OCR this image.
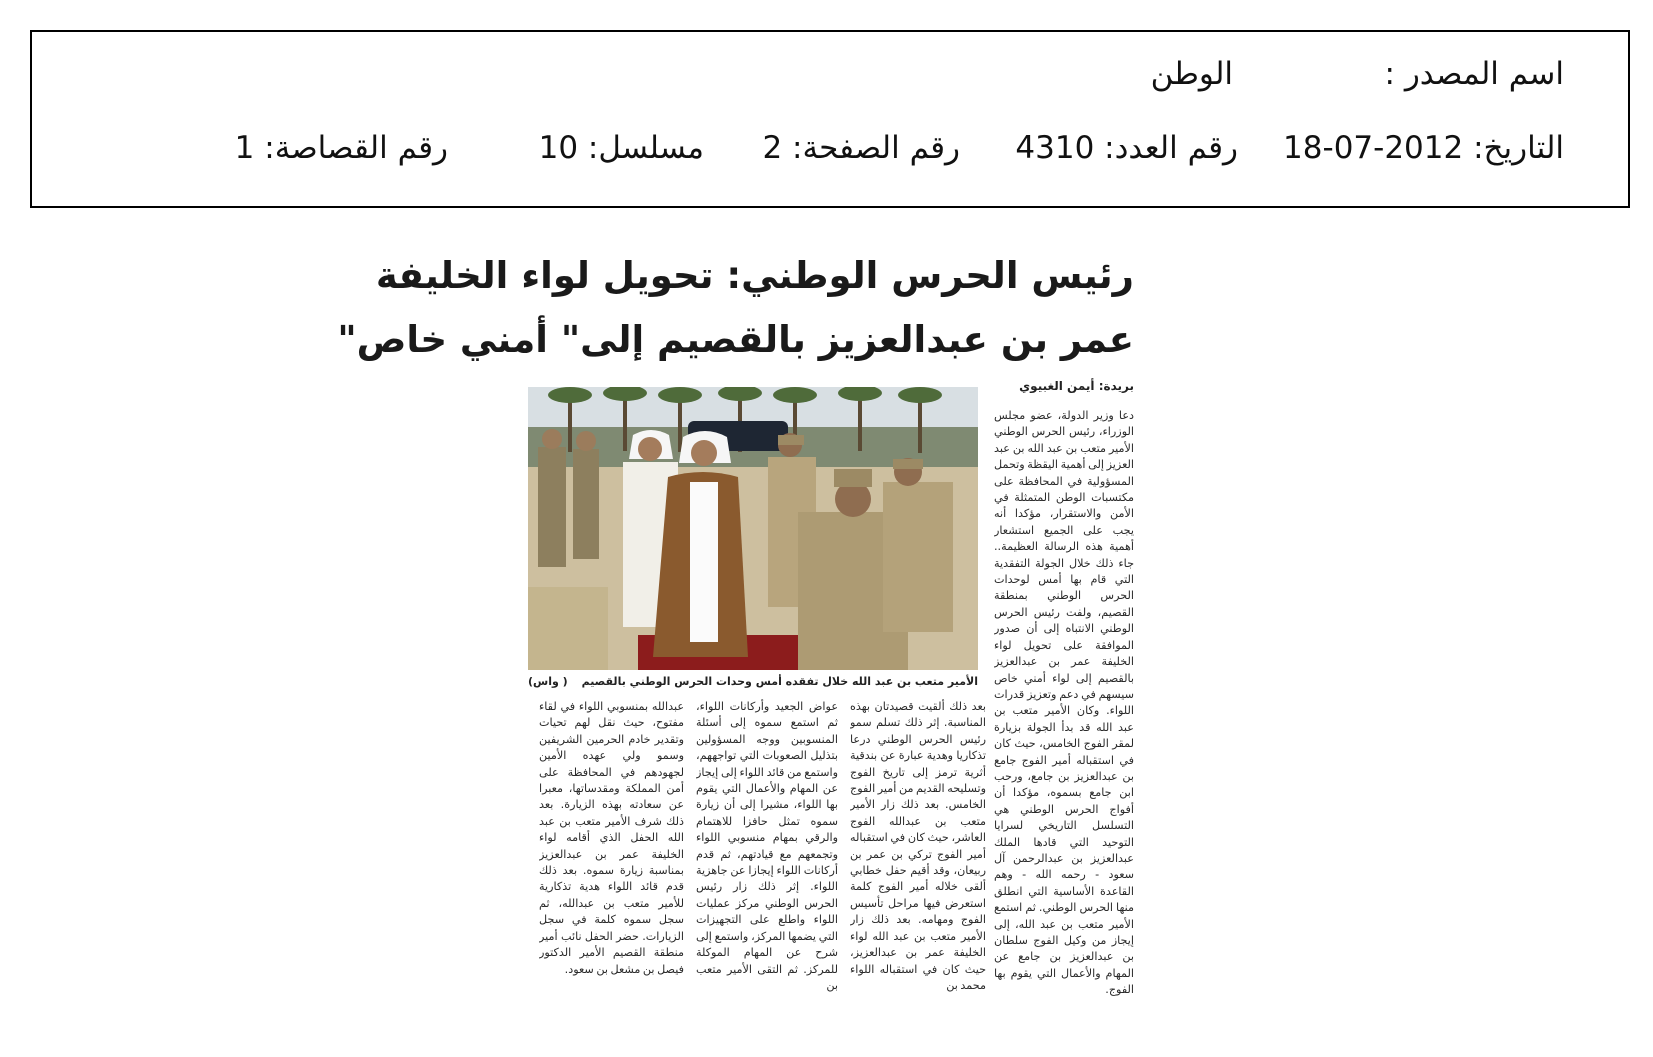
اسم المصدر :
الوطن
التاريخ: 2012-07-18
رقم العدد: 4310
رقم الصفحة: 2
مسلسل: 10
رقم القصاصة: 1
رئيس الحرس الوطني: تحويل لواء الخليفة
عمر بن عبدالعزيز بالقصيم إلى" أمني خاص"
بريدة: أيمن الغبيوي
الأمير متعب بن عبد الله خلال تفقده أمس وحدات الحرس الوطني بالقصيم
( واس)
دعا وزير الدولة، عضو مجلس الوزراء، رئيس الحرس الوطني الأمير متعب بن عبد الله بن عبد العزيز إلى أهمية اليقظة وتحمل المسؤولية في المحافظة على مكتسبات الوطن المتمثلة في الأمن والاستقرار، مؤكدا أنه يجب على الجميع استشعار أهمية هذه الرسالة العظيمة.. جاء ذلك خلال الجولة التفقدية التي قام بها أمس لوحدات الحرس الوطني بمنطقة القصيم، ولفت رئيس الحرس الوطني الانتباه إلى أن صدور الموافقة على تحويل لواء الخليفة عمر بن عبدالعزيز بالقصيم إلى لواء أمني خاص سيسهم في دعم وتعزيز قدرات اللواء. وكان الأمير متعب بن عبد الله قد بدأ الجولة بزيارة لمقر الفوج الخامس، حيث كان في استقباله أمير الفوج جامع بن عبدالعزيز بن جامع، ورحب ابن جامع بسموه، مؤكدا أن أفواج الحرس الوطني هي التسلسل التاريخي لسرايا التوحيد التي قادها الملك عبدالعزيز بن عبدالرحمن آل سعود - رحمه الله - وهم القاعدة الأساسية التي انطلق منها الحرس الوطني. ثم استمع الأمير متعب بن عبد الله، إلى إيجاز من وكيل الفوج سلطان بن عبدالعزيز بن جامع عن المهام والأعمال التي يقوم بها الفوج.
بعد ذلك ألقيت قصيدتان بهذه المناسبة. إثر ذلك تسلم سمو رئيس الحرس الوطني درعا تذكاريا وهدية عبارة عن بندقية أثرية ترمز إلى تاريخ الفوج وتسليحه القديم من أمير الفوج الخامس. بعد ذلك زار الأمير متعب بن عبدالله الفوج العاشر، حيث كان في استقباله أمير الفوج تركي بن عمر بن ربيعان، وقد أقيم حفل خطابي ألقى خلاله أمير الفوج كلمة استعرض فيها مراحل تأسيس الفوج ومهامه. بعد ذلك زار الأمير متعب بن عبد الله لواء الخليفة عمر بن عبدالعزيز، حيث كان في استقباله اللواء محمد بن
عواض الجعيد وأركانات اللواء، ثم استمع سموه إلى أسئلة المنسوبين ووجه المسؤولين بتذليل الصعوبات التي تواجههم، واستمع من قائد اللواء إلى إيجاز عن المهام والأعمال التي يقوم بها اللواء، مشيرا إلى أن زيارة سموه تمثل حافزا للاهتمام والرقي بمهام منسوبي اللواء وتجمعهم مع قيادتهم، ثم قدم أركانات اللواء إيجازا عن جاهزية اللواء. إثر ذلك زار رئيس الحرس الوطني مركز عمليات اللواء واطلع على التجهيزات التي يضمها المركز، واستمع إلى شرح عن المهام الموكلة للمركز. ثم التقى الأمير متعب بن
عبدالله بمنسوبي اللواء في لقاء مفتوح، حيث نقل لهم تحيات وتقدير خادم الحرمين الشريفين وسمو ولي عهده الأمين لجهودهم في المحافظة على أمن المملكة ومقدساتها، معبرا عن سعادته بهذه الزيارة. بعد ذلك شرف الأمير متعب بن عبد الله الحفل الذي أقامه لواء الخليفة عمر بن عبدالعزيز بمناسبة زيارة سموه. بعد ذلك قدم قائد اللواء هدية تذكارية للأمير متعب بن عبدالله، ثم سجل سموه كلمة في سجل الزيارات. حضر الحفل نائب أمير منطقة القصيم الأمير الدكتور فيصل بن مشعل بن سعود.
